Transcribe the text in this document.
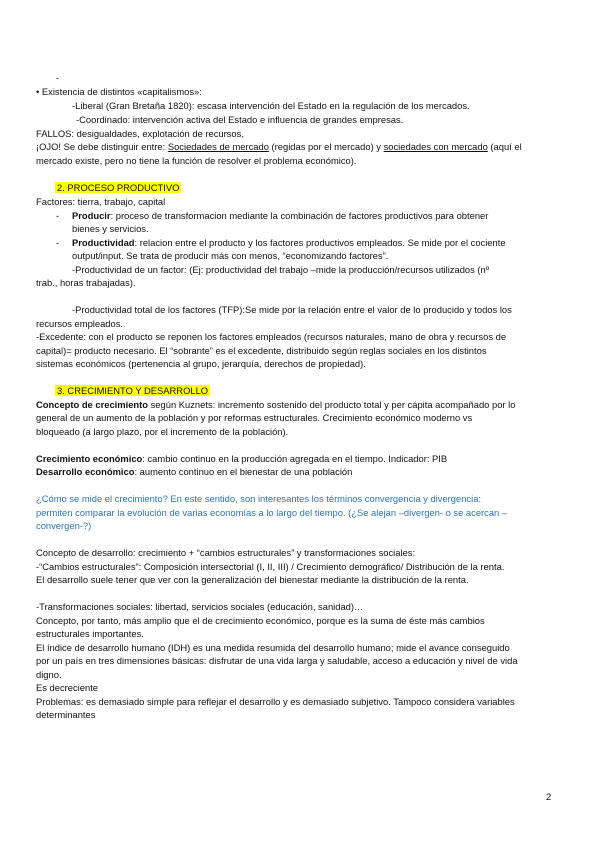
-
• Existencia de distintos «capitalismos»:
-Liberal (Gran Bretaña 1820): escasa intervención del Estado en la regulación de los mercados.
-Coordinado: intervención activa del Estado e influencia de grandes empresas.
FALLOS: desigualdades, explotación de recursos,
¡OJO! Se debe distinguir entre: Sociedades de mercado (regidas por el mercado) y sociedades con mercado (aquí el
mercado existe, pero no tiene la función de resolver el problema económico).
2. PROCESO PRODUCTIVO
Factores: tierra, trabajo, capital
- Producir: proceso de transformacion mediante la combinación de factores productivos para obtener
bienes y servicios.
- Productividad: relacion entre el producto y los factores productivos empleados. Se mide por el cociente
output/input. Se trata de producir más con menos, “economizando factores”.
-Productividad de un factor: (Ej: productividad del trabajo –mide la producción/recursos utilizados (nº
trab., horas trabajadas).
-Productividad total de los factores (TFP):Se mide por la relación entre el valor de lo producido y todos los
recursos empleados.
-Excedente: con el producto se reponen los factores empleados (recursos naturales, mano de obra y recursos de
capital)= producto necesario. El “sobrante” es el excedente, distribuido según reglas sociales en los distintos
sistemas económicos (pertenencia al grupo, jerarquía, derechos de propiedad).
3. CRECIMIENTO Y DESARROLLO
Concepto de crecimiento según Kuznets: incremento sostenido del producto total y per cápita acompañado por lo
general de un aumento de la población y por reformas estructurales. Crecimiento económico moderno vs
bloqueado (a largo plazo, por el incremento de la población).
Crecimiento económico: cambio continuo en la producción agregada en el tiempo. Indicador: PIB
Desarrollo económico: aumento continuo en el bienestar de una población
¿Cómo se mide el crecimiento? En este sentido, son interesantes los términos convergencia y divergencia:
permiten comparar la evolución de varias economías a lo largo del tiempo. (¿Se alejan –divergen- o se acercan –
convergen-?)
Concepto de desarrollo: crecimiento + “cambios estructurales” y transformaciones sociales:
-“Cambios estructurales”: Composición intersectorial (I, II, III) / Crecimiento demográfico/ Distribución de la renta.
El desarrollo suele tener que ver con la generalización del bienestar mediante la distribución de la renta.
-Transformaciones sociales: libertad, servicios sociales (educación, sanidad)…
Concepto, por tanto, más amplio que el de crecimiento económico, porque es la suma de éste más cambios
estructurales importantes.
El índice de desarrollo humano (IDH) es una medida resumida del desarrollo humano; mide el avance conseguido
por un país en tres dimensiones básicas: disfrutar de una vida larga y saludable, acceso a educación y nivel de vida
digno.
Es decreciente
Problemas: es demasiado simple para reflejar el desarrollo y es demasiado subjetivo. Tampoco considera variables
determinantes
2
